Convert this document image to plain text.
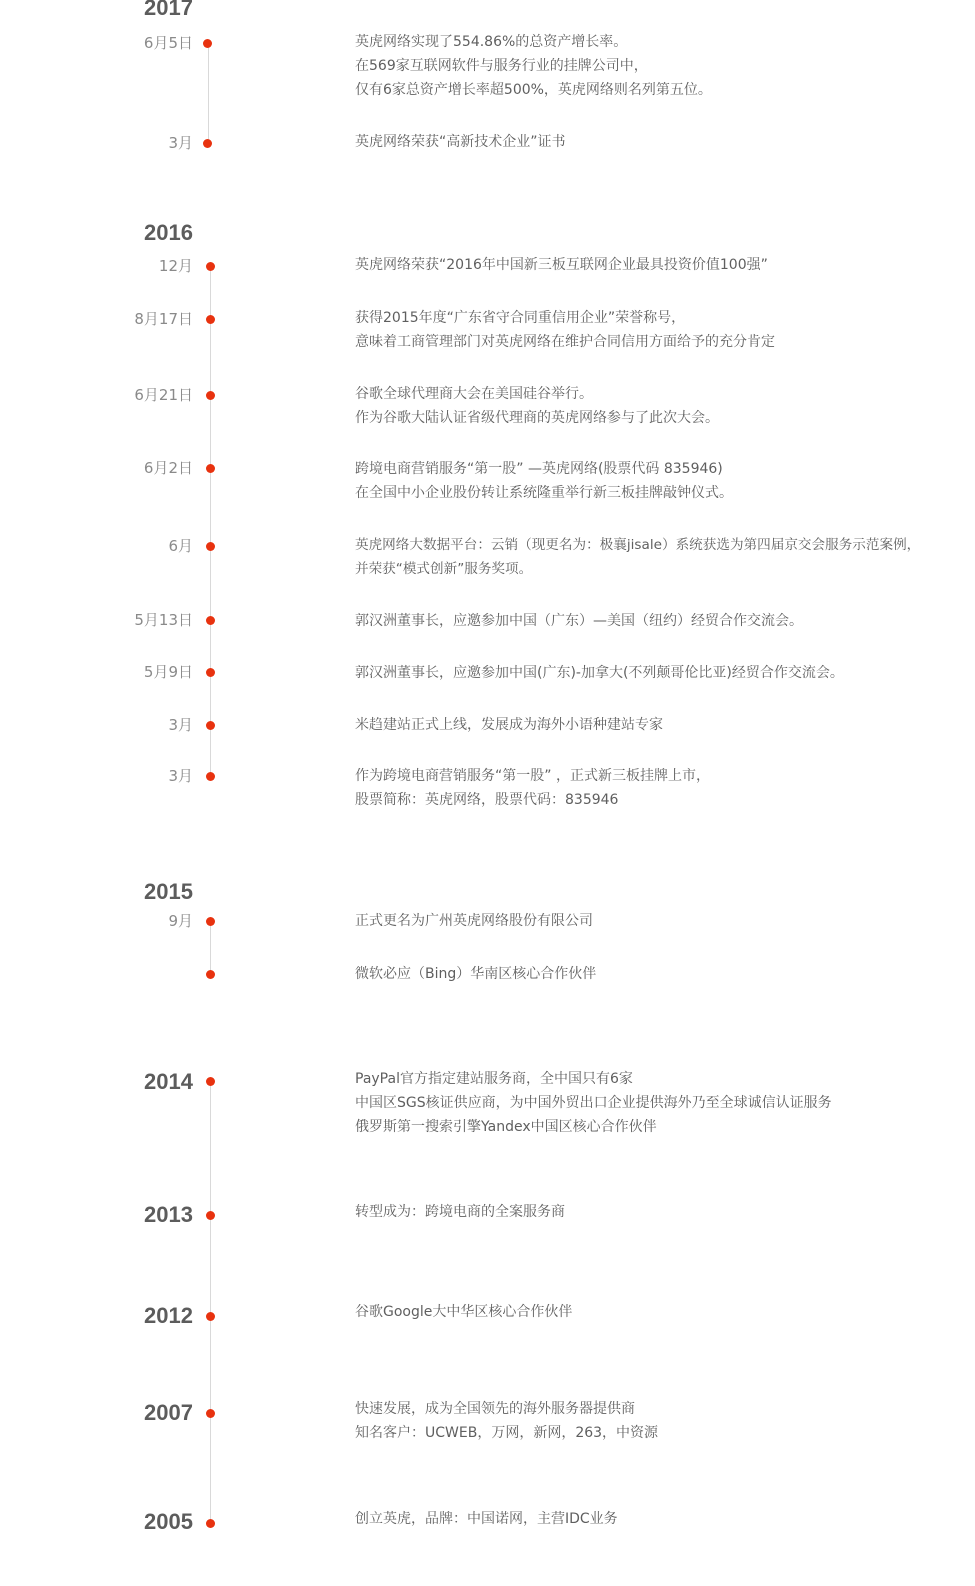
2017
6月5日	英虎网络实现了554.86%的总资产增长率。
在569家互联网软件与服务行业的挂牌公司中，
仅有6家总资产增长率超500%，英虎网络则名列第五位。
3月	英虎网络荣获“高新技术企业”证书
2016
12月	英虎网络荣获“2016年中国新三板互联网企业最具投资价值100强”
8月17日	获得2015年度“广东省守合同重信用企业”荣誉称号，
意味着工商管理部门对英虎网络在维护合同信用方面给予的充分肯定
6月21日	谷歌全球代理商大会在美国硅谷举行。
作为谷歌大陆认证省级代理商的英虎网络参与了此次大会。
6月2日	跨境电商营销服务“第一股” —英虎网络(股票代码 835946)
在全国中小企业股份转让系统隆重举行新三板挂牌敲钟仪式。
6月	英虎网络大数据平台：云销（现更名为：极襄jisale）系统获选为第四届京交会服务示范案例，
并荣获“模式创新”服务奖项。
5月13日	郭汉洲董事长，应邀参加中国（广东）—美国（纽约）经贸合作交流会。
5月9日	郭汉洲董事长，应邀参加中国(广东)-加拿大(不列颠哥伦比亚)经贸合作交流会。
3月	米趋建站正式上线，发展成为海外小语种建站专家
3月	作为跨境电商营销服务“第一股” ，正式新三板挂牌上市，
股票简称：英虎网络，股票代码：835946
2015
9月	正式更名为广州英虎网络股份有限公司
微软必应（Bing）华南区核心合作伙伴
2014	PayPal官方指定建站服务商，全中国只有6家
中国区SGS核证供应商，为中国外贸出口企业提供海外乃至全球诚信认证服务
俄罗斯第一搜索引擎Yandex中国区核心合作伙伴
2013	转型成为：跨境电商的全案服务商
2012	谷歌Google大中华区核心合作伙伴
2007	快速发展，成为全国领先的海外服务器提供商
知名客户：UCWEB，万网，新网，263，中资源
2005	创立英虎，品牌：中国诺网，主营IDC业务
